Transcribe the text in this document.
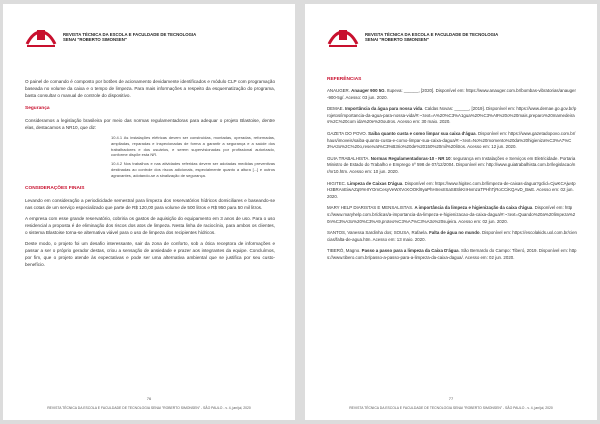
REVISTA TÉCNICA DA ESCOLA E FACULDADE DE TECNOLOGIA
SENAI "ROBERTO SIMONSEN"

O painel de comando é composto por botões de acionamento devidamente identificados e módulo CLP com programação baseada no volume da caixa e o tempo de limpeza. Para mais informações a respeito da esquematização do programa, basta consultar o manual de controle do dispositivo.

Segurança

Consideramos a legislação brasileira por meio das normas regulamentadoras para adequar o projeto Blastoise, dentre elas, destacamos a NR10, que diz:

10.4.1 As instalações elétricas devem ser construídas, montadas, operadas, reformadas, ampliadas, reparadas e inspecionadas de forma a garantir a segurança e a saúde dos trabalhadores e dos usuários, e serem supervisionadas por profissional autorizado, conforme dispõe esta NR.

10.4.2 Nos trabalhos e nas atividades referidas devem ser adotadas medidas preventivas destinadas ao controle dos riscos adicionais, especialmente quanto a altura [...] e outros agravantes, adotando-se a sinalização de segurança.

CONSIDERAÇÕES FINAIS

Levando em consideração a periodicidade semestral para limpeza dos reservatórios hídricos domiciliares e baseando-se nas cotas de um serviço especializado que parte de R$ 120,00 para volume de 500 litros e R$ 950 para 50 mil litros.

A empresa com esse grande reservatório, cobriria os gastos de aquisição do equipamento em 3 anos de uso. Para o uso residencial a proposta é de eliminação dos riscos dos atos de limpeza. Nesta linha de raciocínio, para ambos os clientes, o sistema Blastoise torna-se alternativa viável para o uso de limpeza dos recipientes hídricos.

Deste modo, o projeto foi um desafio interessante, sair da zona de conforto, sob a ótica receptora de informações e passar a ser o próprio gerador destas, criou a sensação de ansiedade e prazer aos integrantes da equipe. Concluímos, por fim, que o projeto atende às expectativas e pode ser uma alternativa ambiental que se justifica por seu custo-benefício.

76
REVISTA TÉCNICA DA ESCOLA E FACULDADE DE TECNOLOGIA SENAI "ROBERTO SIMONSEN" - SÃO PAULO - v. 4, jan/jul, 2020
REVISTA TÉCNICA DA ESCOLA E FACULDADE DE TECNOLOGIA
SENAI "ROBERTO SIMONSEN"
REFERÊNCIAS

ANAUGER. Anauger 900 5G. Itupeva: ______, [2020]. Disponível em: https://www.anauger.com.br/bombas-vibratorias/anauger-900-5g/. Acesso: 03 jun. 2020.

DEMAE. Importância da água para nossa vida. Caldas Novas: ______, [2019]. Disponível em: https://www.demae.go.gov.br/projetos/importancia-da-agua-para-nossa-vida/#:~:text=A%20%C3%A1gua%20%C3%A9%20o%20mais,preparo%20mamedeiras%2C%20com ida%20e%20outros. Acesso em: 30 maio. 2020.

GAZETA DO POVO. Saiba quanto custa e como limpar sua caixa d'água. Disponível em: https://www.gazetadopovo.com.br/haus/imoveis/saiba-quanto-custa-e-como-limpar-sua-caixa-dagua/#:~:text=No%20momento%20da%20higieniza%C3%A7%C3%A3o%2C%20o,reservat%C3%B3rio%20de%20150%20mil%20litros. Acesso em: 12 jun. 2020.

GUIA TRABALHISTA. Normas Regulamentadoras-10 - NR 10: segurança em Instalações e Serviços em Eletricidade. Portaria Ministro de Estado do Trabalho e Emprego nº 598 de 07/12/2004. Disponível em: http://www.guiatrabalhista.com.br/legislacao/nr/nr10.htm. Acesso em: 10 jun. 2020.

HIGITEC. Limpeza de Caixas D'água. Disponível em: https://www.higitec.com.br/limpeza-de-caixas-dagua?gclid=CjwKCAjw4pH3BRAnEiwAZq9YeIIYOmCesyVeWXVcKOOKl9yaPhHIrexIISaS8SkKIIHvmzaTPHhTjRoCCiKQAvD_BwE. Acesso em: 02 jun. 2020.

MARY HELP DIARISTAS E MENSALISTAS. A importância da limpeza e higienização da caixa d'água. Disponível em: https://www.maryhelp.com.br/dicas/a-importancia-da-limpeza-e-higienizacao-da-caixa-dagua/#:~:text=Quando%20a%20limpeza%20n%C3%A3o%20%C3%A9,proteo%C3%A7%C3%A3o%20sujeira. Acesso em: 02 jun. 2020.

SANTOS, Vanessa Sardinha dos; SOUSA, Rafaela. Falta de água no mundo. Disponível em: https://escolakids.uol.com.br/ciencias/falta-de-agua.htm. Acesso em: 13 maio. 2020.

TIBERÓ, Magno. Passo a passo para a limpeza da Caixa D'água. São Bernardo do Campo: Tiberó, 2019. Disponível em: https://www.tibero.com.br/passo-a-passo-para-a-limpeza-da-caixa-dagua/. Acesso em: 02 jun. 2020.

77
REVISTA TÉCNICA DA ESCOLA E FACULDADE DE TECNOLOGIA SENAI "ROBERTO SIMONSEN" - SÃO PAULO - v. 4, jan/jul, 2020
